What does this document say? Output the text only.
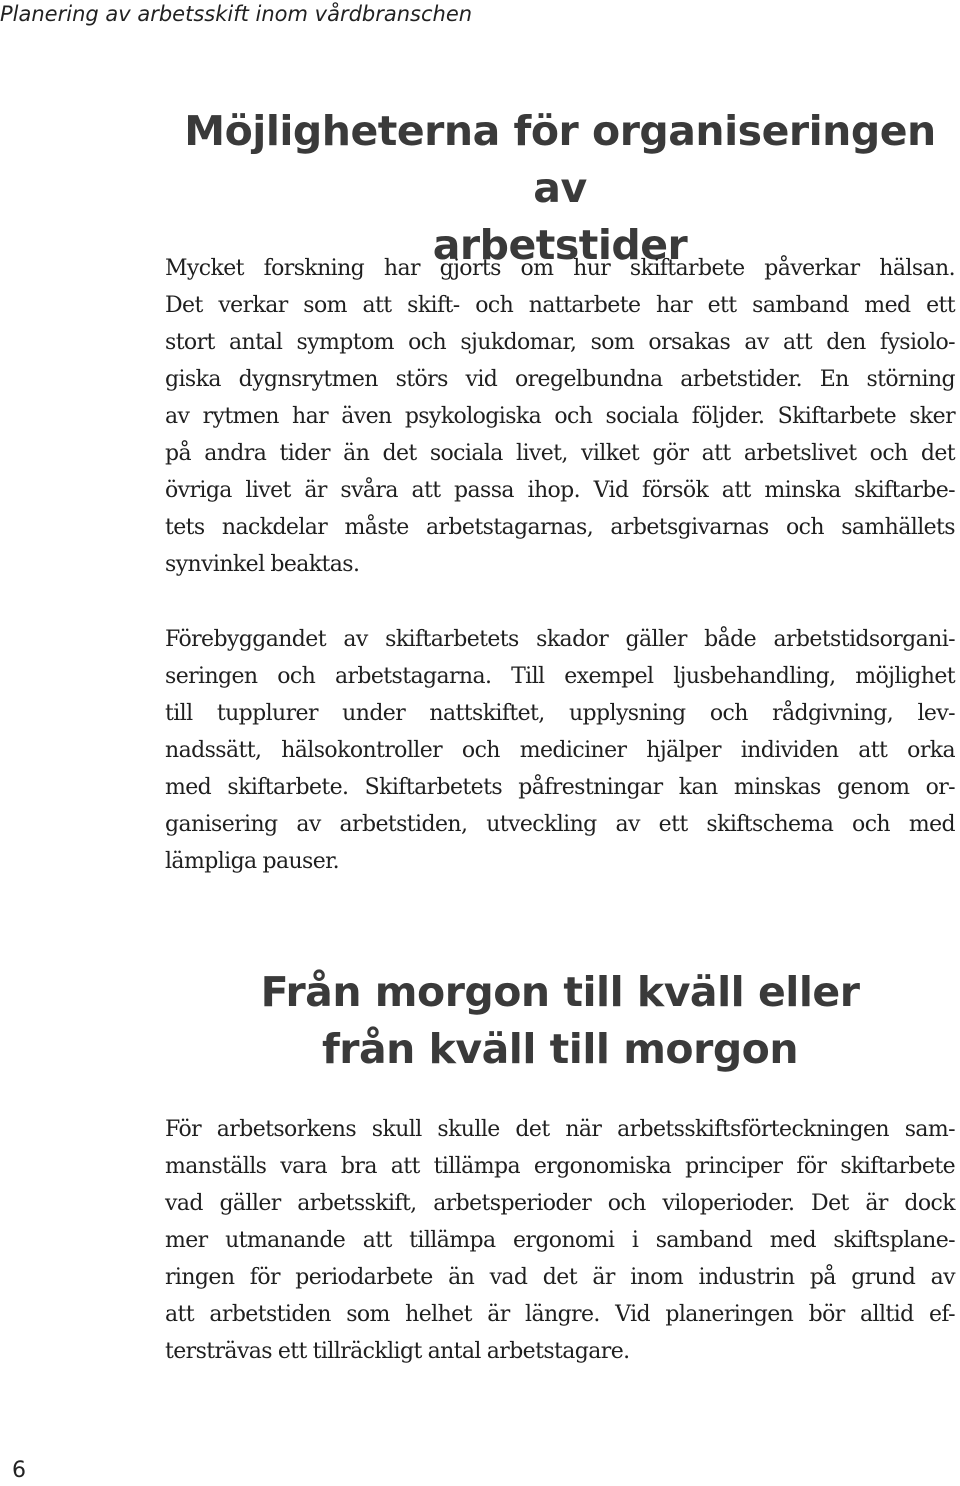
Planering av arbetsskift inom vårdbranschen
Möjligheterna för organiseringen av
arbetstider
Mycket forskning har gjorts om hur skiftarbete påverkar hälsan.
Det verkar som att skift- och nattarbete har ett samband med ett
stort antal symptom och sjukdomar, som orsakas av att den fysiolo-
giska dygnsrytmen störs vid oregelbundna arbetstider. En störning
av rytmen har även psykologiska och sociala följder. Skiftarbete sker
på andra tider än det sociala livet, vilket gör att arbetslivet och det
övriga livet är svåra att passa ihop. Vid försök att minska skiftarbe-
tets nackdelar måste arbetstagarnas, arbetsgivarnas och samhällets
synvinkel beaktas.
Förebyggandet av skiftarbetets skador gäller både arbetstidsorgani-
seringen och arbetstagarna. Till exempel ljusbehandling, möjlighet
till tupplurer under nattskiftet, upplysning och rådgivning, lev-
nadssätt, hälsokontroller och mediciner hjälper individen att orka
med skiftarbete. Skiftarbetets påfrestningar kan minskas genom or-
ganisering av arbetstiden, utveckling av ett skiftschema och med
lämpliga pauser.
Från morgon till kväll eller
från kväll till morgon
För arbetsorkens skull skulle det när arbetsskiftsförteckningen sam-
manställs vara bra att tillämpa ergonomiska principer för skiftarbete
vad gäller arbetsskift, arbetsperioder och viloperioder. Det är dock
mer utmanande att tillämpa ergonomi i samband med skiftsplane-
ringen för periodarbete än vad det är inom industrin på grund av
att arbetstiden som helhet är längre. Vid planeringen bör alltid ef-
tersträvas ett tillräckligt antal arbetstagare.
6
